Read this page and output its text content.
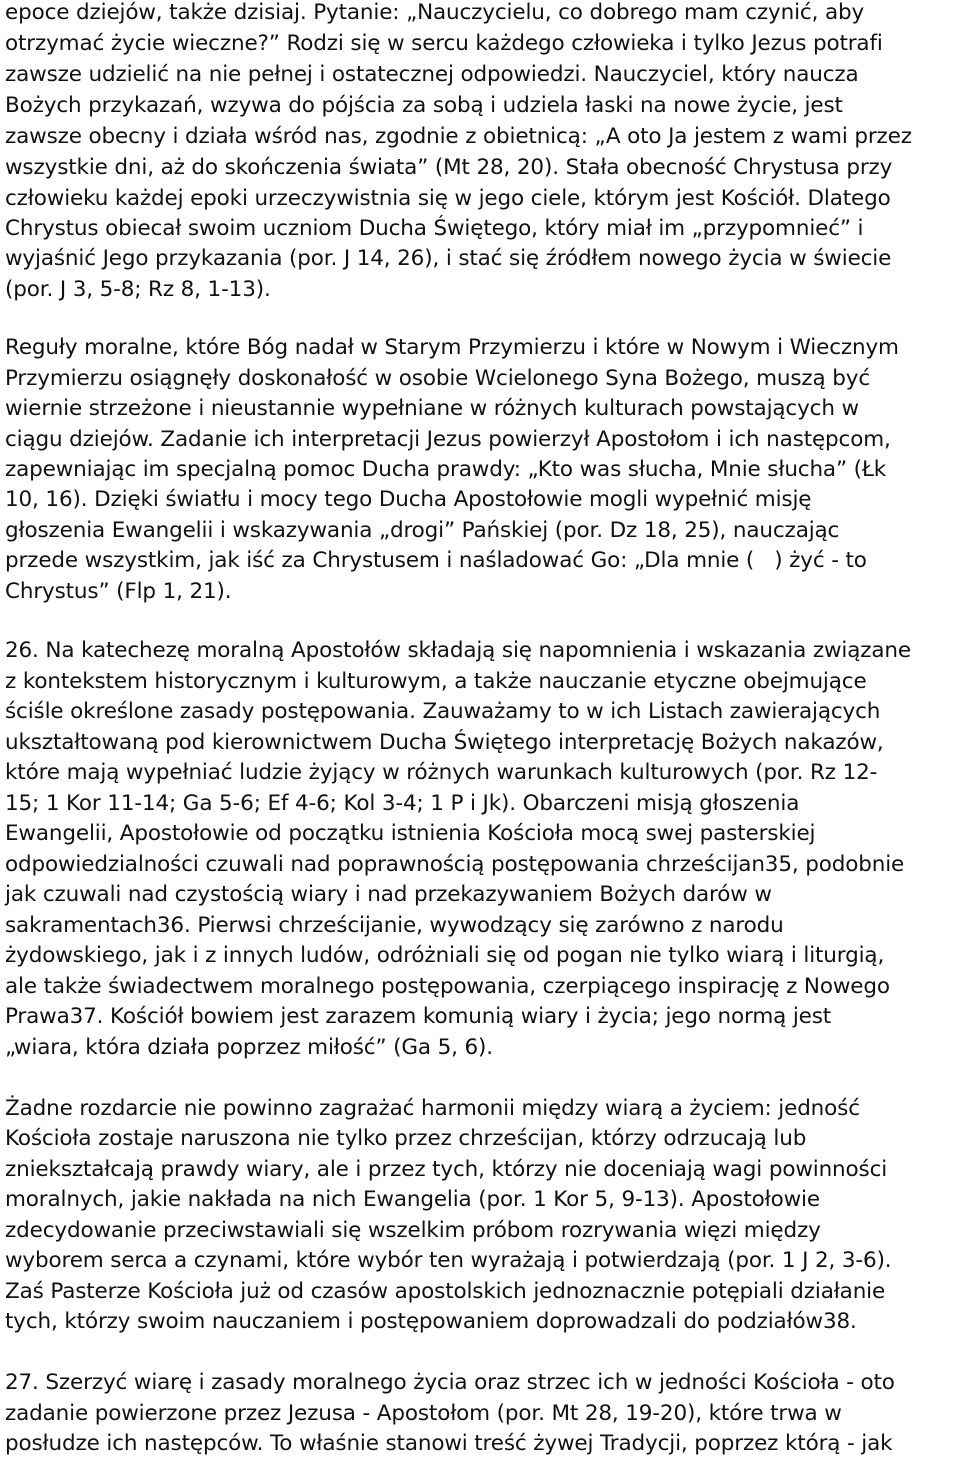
epoce dziejów, także dzisiaj. Pytanie: „Nauczycielu, co dobrego mam czynić, aby
otrzymać życie wieczne?” Rodzi się w sercu każdego człowieka i tylko Jezus potrafi
zawsze udzielić na nie pełnej i ostatecznej odpowiedzi. Nauczyciel, który naucza
Bożych przykazań, wzywa do pójścia za sobą i udziela łaski na nowe życie, jest
zawsze obecny i działa wśród nas, zgodnie z obietnicą: „A oto Ja jestem z wami przez
wszystkie dni, aż do skończenia świata” (Mt 28, 20). Stała obecność Chrystusa przy
człowieku każdej epoki urzeczywistnia się w jego ciele, którym jest Kościół. Dlatego
Chrystus obiecał swoim uczniom Ducha Świętego, który miał im „przypomnieć” i
wyjaśnić Jego przykazania (por. J 14, 26), i stać się źródłem nowego życia w świecie
(por. J 3, 5-8; Rz 8, 1-13).
Reguły moralne, które Bóg nadał w Starym Przymierzu i które w Nowym i Wiecznym
Przymierzu osiągnęły doskonałość w osobie Wcielonego Syna Bożego, muszą być
wiernie strzeżone i nieustannie wypełniane w różnych kulturach powstających w
ciągu dziejów. Zadanie ich interpretacji Jezus powierzył Apostołom i ich następcom,
zapewniając im specjalną pomoc Ducha prawdy: „Kto was słucha, Mnie słucha” (Łk
10, 16). Dzięki światłu i mocy tego Ducha Apostołowie mogli wypełnić misję
głoszenia Ewangelii i wskazywania „drogi” Pańskiej (por. Dz 18, 25), nauczając
przede wszystkim, jak iść za Chrystusem i naśladować Go: „Dla mnie (   ) żyć - to
Chrystus” (Flp 1, 21).
26. Na katechezę moralną Apostołów składają się napomnienia i wskazania związane
z kontekstem historycznym i kulturowym, a także nauczanie etyczne obejmujące
ściśle określone zasady postępowania. Zauważamy to w ich Listach zawierających
ukształtowaną pod kierownictwem Ducha Świętego interpretację Bożych nakazów,
które mają wypełniać ludzie żyjący w różnych warunkach kulturowych (por. Rz 12-
15; 1 Kor 11-14; Ga 5-6; Ef 4-6; Kol 3-4; 1 P i Jk). Obarczeni misją głoszenia
Ewangelii, Apostołowie od początku istnienia Kościoła mocą swej pasterskiej
odpowiedzialności czuwali nad poprawnością postępowania chrześcijan35, podobnie
jak czuwali nad czystością wiary i nad przekazywaniem Bożych darów w
sakramentach36. Pierwsi chrześcijanie, wywodzący się zarówno z narodu
żydowskiego, jak i z innych ludów, odróżniali się od pogan nie tylko wiarą i liturgią,
ale także świadectwem moralnego postępowania, czerpiącego inspirację z Nowego
Prawa37. Kościół bowiem jest zarazem komunią wiary i życia; jego normą jest
„wiara, która działa poprzez miłość” (Ga 5, 6).
Żadne rozdarcie nie powinno zagrażać harmonii między wiarą a życiem: jedność
Kościoła zostaje naruszona nie tylko przez chrześcijan, którzy odrzucają lub
zniekształcają prawdy wiary, ale i przez tych, którzy nie doceniają wagi powinności
moralnych, jakie nakłada na nich Ewangelia (por. 1 Kor 5, 9-13). Apostołowie
zdecydowanie przeciwstawiali się wszelkim próbom rozrywania więzi między
wyborem serca a czynami, które wybór ten wyrażają i potwierdzają (por. 1 J 2, 3-6).
Zaś Pasterze Kościoła już od czasów apostolskich jednoznacznie potępiali działanie
tych, którzy swoim nauczaniem i postępowaniem doprowadzali do podziałów38.
27. Szerzyć wiarę i zasady moralnego życia oraz strzec ich w jedności Kościoła - oto
zadanie powierzone przez Jezusa - Apostołom (por. Mt 28, 19-20), które trwa w
posłudze ich następców. To właśnie stanowi treść żywej Tradycji, poprzez którą - jak
